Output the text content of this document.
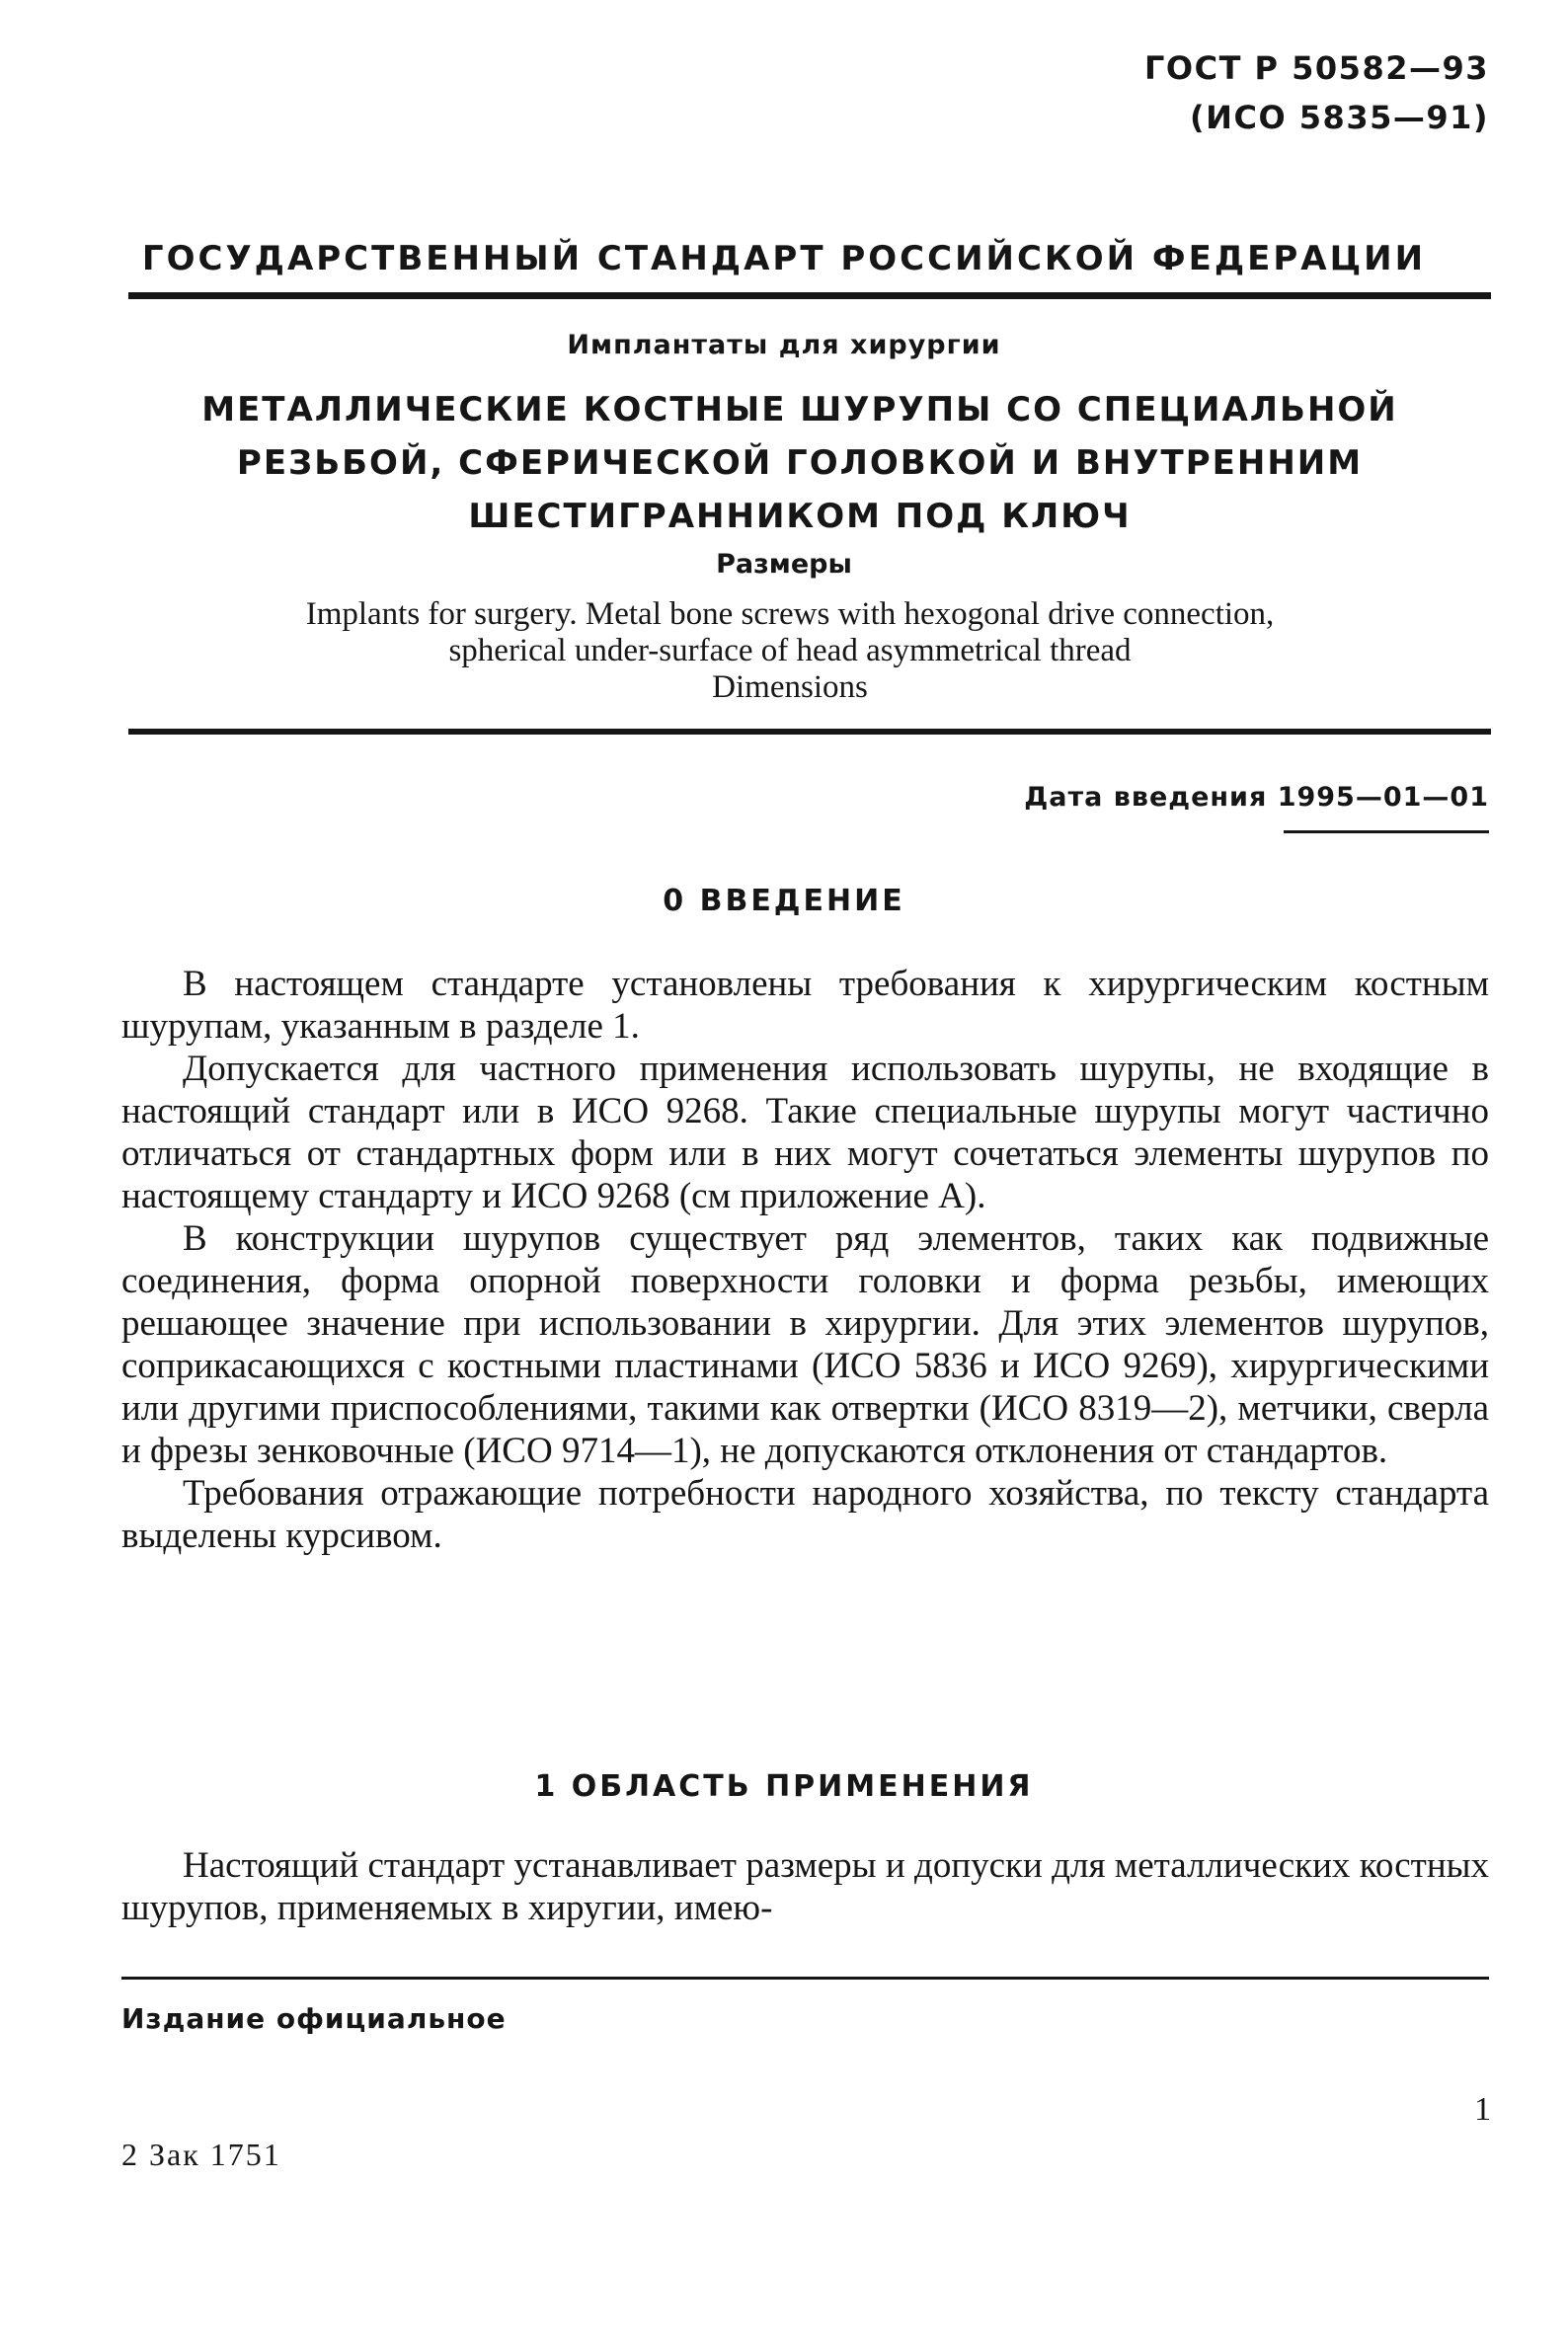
ГОСТ Р 50582—93
(ИСО 5835—91)
ГОСУДАРСТВЕННЫЙ СТАНДАРТ РОССИЙСКОЙ ФЕДЕРАЦИИ
Имплантаты для хирургии
МЕТАЛЛИЧЕСКИЕ КОСТНЫЕ ШУРУПЫ СО СПЕЦИАЛЬНОЙ РЕЗЬБОЙ, СФЕРИЧЕСКОЙ ГОЛОВКОЙ И ВНУТРЕННИМ ШЕСТИГРАННИКОМ ПОД КЛЮЧ
Размеры
Implants for surgery. Metal bone screws with hexogonal drive connection,
spherical under-surface of head asymmetrical thread
Dimensions
Дата введения 1995—01—01
0 ВВЕДЕНИЕ

В настоящем стандарте установлены требования к хирургическим костным шурупам, указанным в разделе 1.

Допускается для частного применения использовать шурупы, не входящие в настоящий стандарт или в ИСО 9268. Такие специальные шурупы могут частично отличаться от стандартных форм или в них могут сочетаться элементы шурупов по настоящему стандарту и ИСО 9268 (см приложение А).

В конструкции шурупов существует ряд элементов, таких как подвижные соединения, форма опорной поверхности головки и форма резьбы, имеющих решающее значение при использовании в хирургии. Для этих элементов шурупов, соприкасающихся с костными пластинами (ИСО 5836 и ИСО 9269), хирургическими или другими приспособлениями, такими как отвертки (ИСО 8319—2), метчики, сверла и фрезы зенковочные (ИСО 9714—1), не допускаются отклонения от стандартов.

Требования отражающие потребности народного хозяйства, по тексту стандарта выделены курсивом.

1 ОБЛАСТЬ ПРИМЕНЕНИЯ

Настоящий стандарт устанавливает размеры и допуски для металлических костных шурупов, применяемых в хиругии, имею-

Издание официальное
1
2 Зак 1751
